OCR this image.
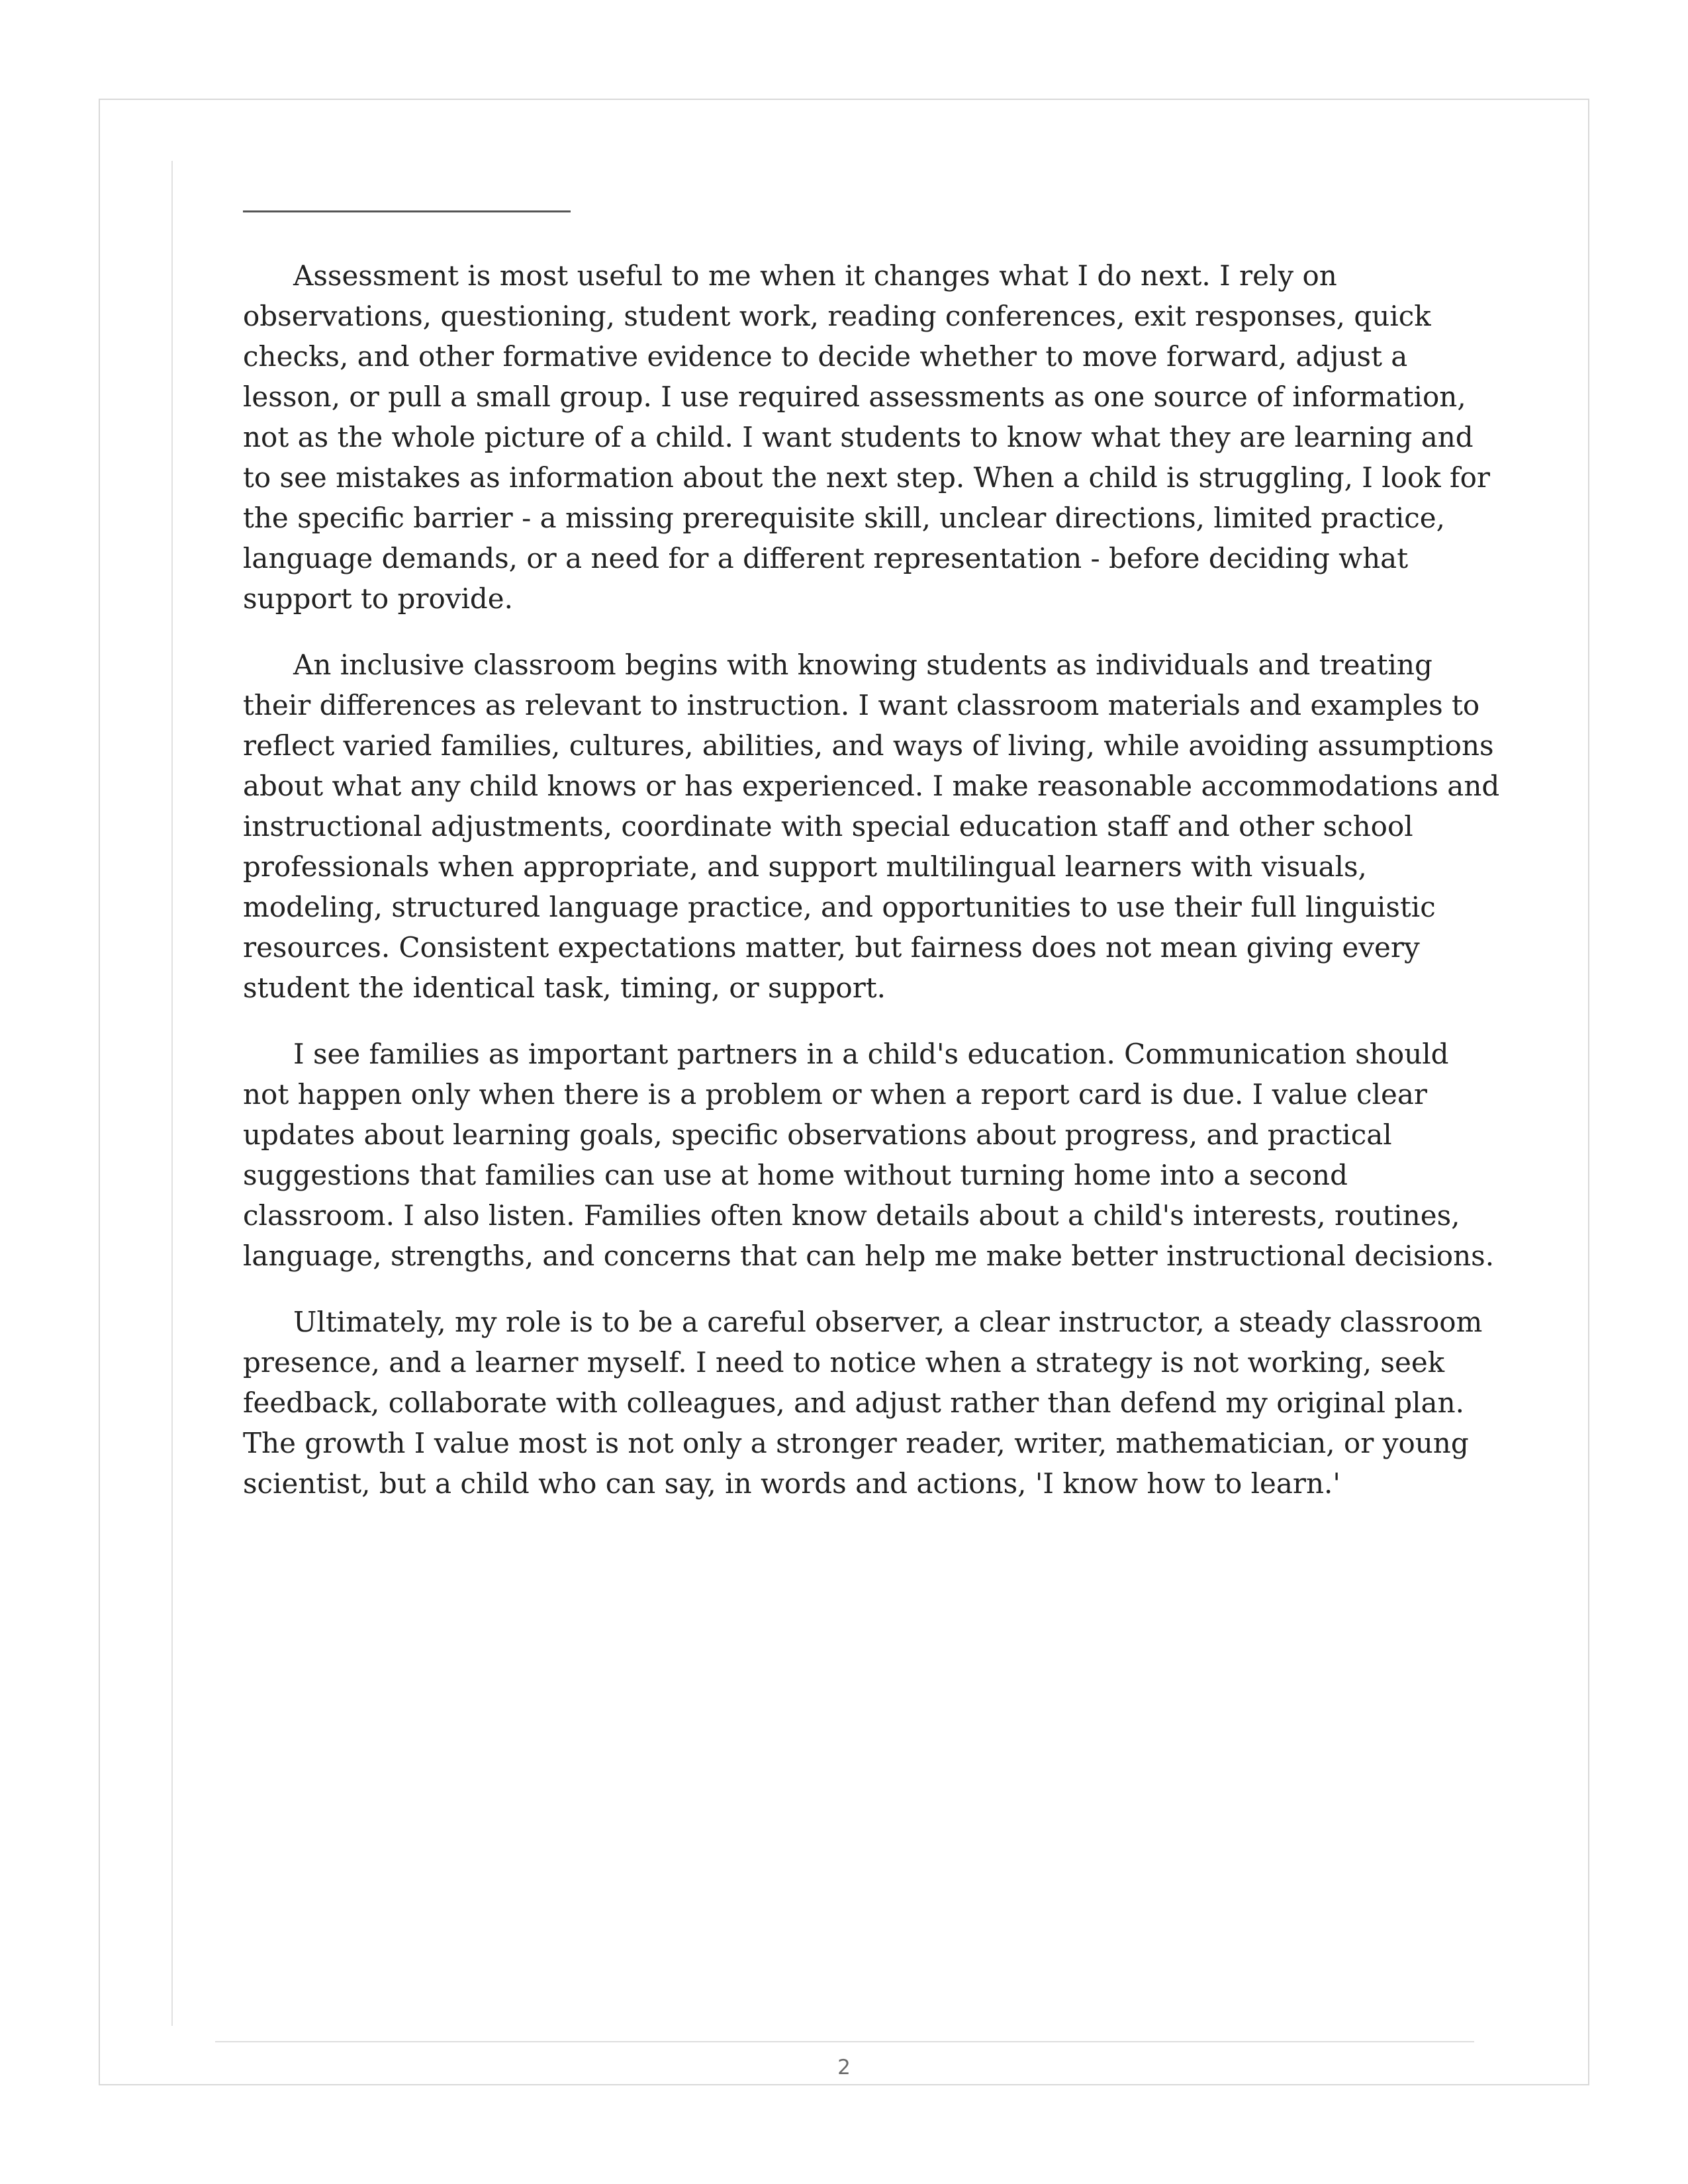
Assessment is most useful to me when it changes what I do next. I rely on observations, questioning, student work, reading conferences, exit responses, quick checks, and other formative evidence to decide whether to move forward, adjust a lesson, or pull a small group. I use required assessments as one source of information, not as the whole picture of a child. I want students to know what they are learning and to see mistakes as information about the next step. When a child is struggling, I look for the specific barrier - a missing prerequisite skill, unclear directions, limited practice, language demands, or a need for a different representation - before deciding what support to provide.

An inclusive classroom begins with knowing students as individuals and treating their differences as relevant to instruction. I want classroom materials and examples to reflect varied families, cultures, abilities, and ways of living, while avoiding assumptions about what any child knows or has experienced. I make reasonable accommodations and instructional adjustments, coordinate with special education staff and other school professionals when appropriate, and support multilingual learners with visuals, modeling, structured language practice, and opportunities to use their full linguistic resources. Consistent expectations matter, but fairness does not mean giving every student the identical task, timing, or support.

I see families as important partners in a child's education. Communication should not happen only when there is a problem or when a report card is due. I value clear updates about learning goals, specific observations about progress, and practical suggestions that families can use at home without turning home into a second classroom. I also listen. Families often know details about a child's interests, routines, language, strengths, and concerns that can help me make better instructional decisions.

Ultimately, my role is to be a careful observer, a clear instructor, a steady classroom presence, and a learner myself. I need to notice when a strategy is not working, seek feedback, collaborate with colleagues, and adjust rather than defend my original plan. The growth I value most is not only a stronger reader, writer, mathematician, or young scientist, but a child who can say, in words and actions, 'I know how to learn.'

2
